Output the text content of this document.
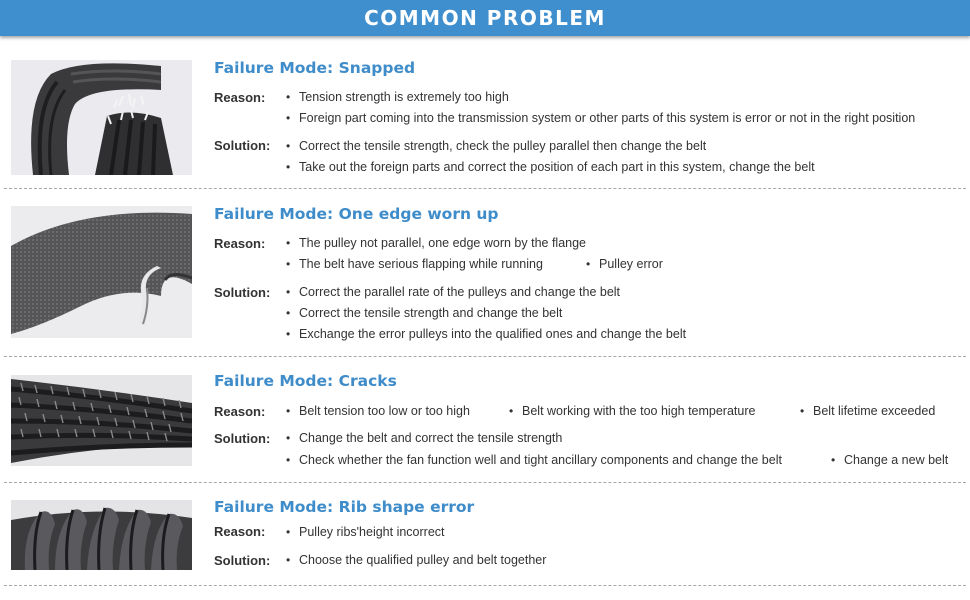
COMMON PROBLEM
Failure Mode: Snapped
Reason:	• Tension strength is extremely too high
• Foreign part coming into the transmission system or other parts of this system is error or not in the right position
Solution:	• Correct the tensile strength, check the pulley parallel then change the belt
• Take out the foreign parts and correct the position of each part in this system, change the belt
Failure Mode: One edge worn up
Reason:	• The pulley not parallel, one edge worn by the flange
• The belt have serious flapping while running	• Pulley error
Solution:	• Correct the parallel rate of the pulleys and change the belt
• Correct the tensile strength and change the belt
• Exchange the error pulleys into the qualified ones and change the belt
Failure Mode: Cracks
Reason:	• Belt tension too low or too high	• Belt working with the too high temperature	• Belt lifetime exceeded
Solution:	• Change the belt and correct the tensile strength
• Check whether the fan function well and tight ancillary components and change the belt	• Change a new belt
Failure Mode: Rib shape error
Reason:	• Pulley ribs'height incorrect
Solution:	• Choose the qualified pulley and belt together
